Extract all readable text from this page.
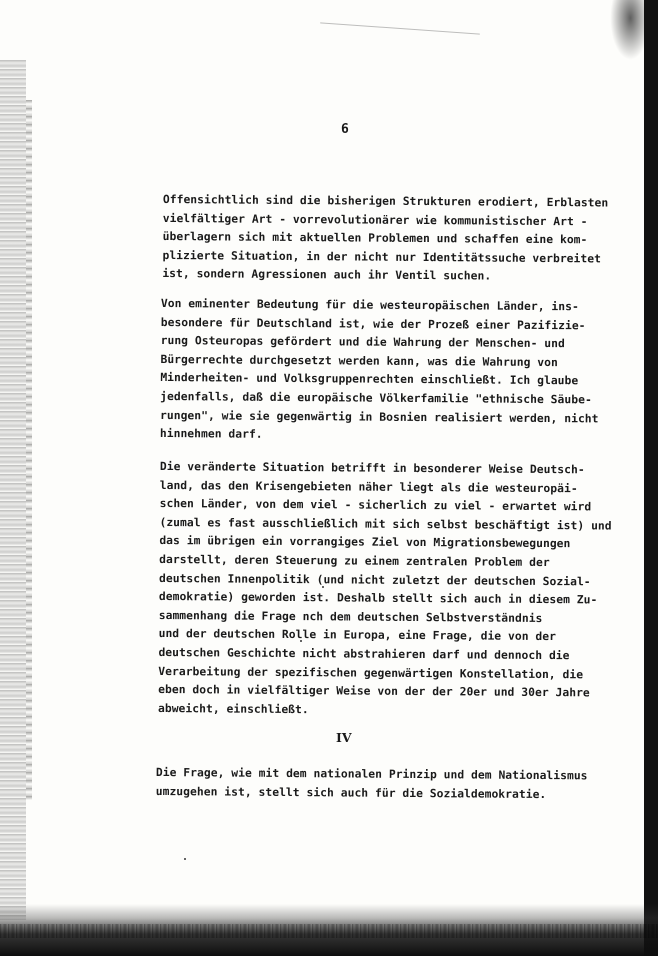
6
Offensichtlich sind die bisherigen Strukturen erodiert, Erblasten
vielfältiger Art - vorrevolutionärer wie kommunistischer Art -
überlagern sich mit aktuellen Problemen und schaffen eine kom-
plizierte Situation, in der nicht nur Identitätssuche verbreitet
ist, sondern Agressionen auch ihr Ventil suchen.
Von eminenter Bedeutung für die westeuropäischen Länder, ins-
besondere für Deutschland ist, wie der Prozeß einer Pazifizie-
rung Osteuropas gefördert und die Wahrung der Menschen- und
Bürgerrechte durchgesetzt werden kann, was die Wahrung von
Minderheiten- und Volksgruppenrechten einschließt. Ich glaube
jedenfalls, daß die europäische Völkerfamilie "ethnische Säube-
rungen", wie sie gegenwärtig in Bosnien realisiert werden, nicht
hinnehmen darf.
Die veränderte Situation betrifft in besonderer Weise Deutsch-
land, das den Krisengebieten näher liegt als die westeuropäi-
schen Länder, von dem viel - sicherlich zu viel - erwartet wird
(zumal es fast ausschließlich mit sich selbst beschäftigt ist) und
das im übrigen ein vorrangiges Ziel von Migrationsbewegungen
darstellt, deren Steuerung zu einem zentralen Problem der
deutschen Innenpolitik (und nicht zuletzt der deutschen Sozial-
demokratie) geworden ist. Deshalb stellt sich auch in diesem Zu-
sammenhang die Frage nch dem deutschen Selbstverständnis
und der deutschen Rolle in Europa, eine Frage, die von der
deutschen Geschichte nicht abstrahieren darf und dennoch die
Verarbeitung der spezifischen gegenwärtigen Konstellation, die
eben doch in vielfältiger Weise von der der 20er und 30er Jahre
abweicht, einschließt.
IV
Die Frage, wie mit dem nationalen Prinzip und dem Nationalismus
umzugehen ist, stellt sich auch für die Sozialdemokratie.
